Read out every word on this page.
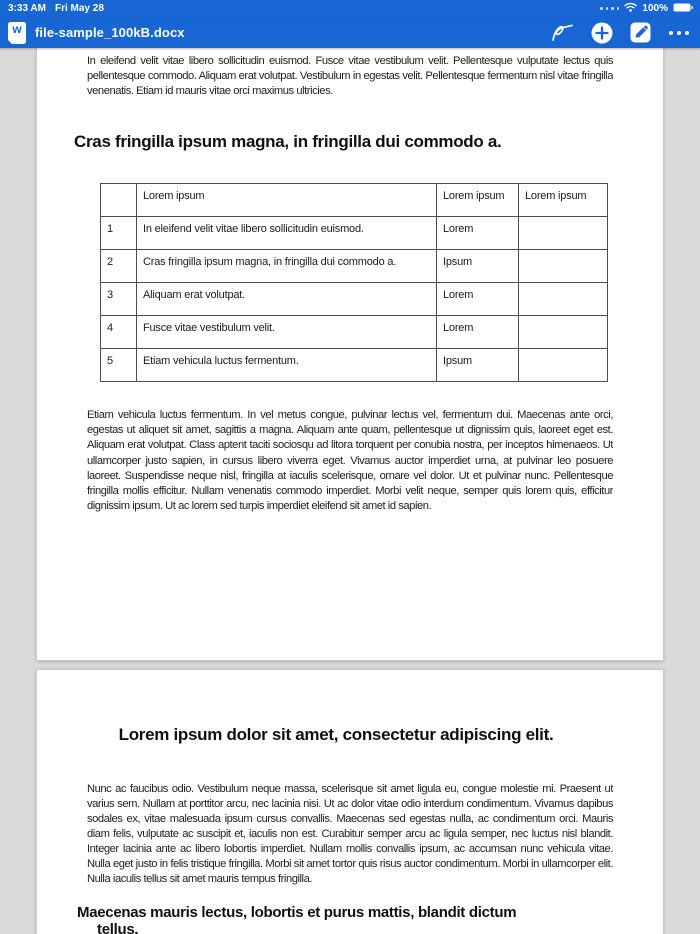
3:33 AM Fri May 28	100%
w file-sample_100kB.docx
In eleifend velit vitae libero sollicitudin euismod. Fusce vitae vestibulum velit. Pellentesque vulputate lectus quis pellentesque commodo. Aliquam erat volutpat. Vestibulum in egestas velit. Pellentesque fermentum nisl vitae fringilla venenatis. Etiam id mauris vitae orci maximus ultricies.
Cras fringilla ipsum magna, in fringilla dui commodo a.
	Lorem ipsum	Lorem ipsum	Lorem ipsum
1	In eleifend velit vitae libero sollicitudin euismod.	Lorem	
2	Cras fringilla ipsum magna, in fringilla dui commodo a.	Ipsum	
3	Aliquam erat volutpat.	Lorem	
4	Fusce vitae vestibulum velit.	Lorem	
5	Etiam vehicula luctus fermentum.	Ipsum	
Etiam vehicula luctus fermentum. In vel metus congue, pulvinar lectus vel, fermentum dui. Maecenas ante orci, egestas ut aliquet sit amet, sagittis a magna. Aliquam ante quam, pellentesque ut dignissim quis, laoreet eget est. Aliquam erat volutpat. Class aptent taciti sociosqu ad litora torquent per conubia nostra, per inceptos himenaeos. Ut ullamcorper justo sapien, in cursus libero viverra eget. Vivamus auctor imperdiet urna, at pulvinar leo posuere laoreet. Suspendisse neque nisl, fringilla at iaculis scelerisque, ornare vel dolor. Ut et pulvinar nunc. Pellentesque fringilla mollis efficitur. Nullam venenatis commodo imperdiet. Morbi velit neque, semper quis lorem quis, efficitur dignissim ipsum. Ut ac lorem sed turpis imperdiet eleifend sit amet id sapien.
Lorem ipsum dolor sit amet, consectetur adipiscing elit.
Nunc ac faucibus odio. Vestibulum neque massa, scelerisque sit amet ligula eu, congue molestie mi. Praesent ut varius sem. Nullam at porttitor arcu, nec lacinia nisi. Ut ac dolor vitae odio interdum condimentum. Vivamus dapibus sodales ex, vitae malesuada ipsum cursus convallis. Maecenas sed egestas nulla, ac condimentum orci. Mauris diam felis, vulputate ac suscipit et, iaculis non est. Curabitur semper arcu ac ligula semper, nec luctus nisl blandit. Integer lacinia ante ac libero lobortis imperdiet. Nullam mollis convallis ipsum, ac accumsan nunc vehicula vitae. Nulla eget justo in felis tristique fringilla. Morbi sit amet tortor quis risus auctor condimentum. Morbi in ullamcorper elit. Nulla iaculis tellus sit amet mauris tempus fringilla.
Maecenas mauris lectus, lobortis et purus mattis, blandit dictum
tellus.
